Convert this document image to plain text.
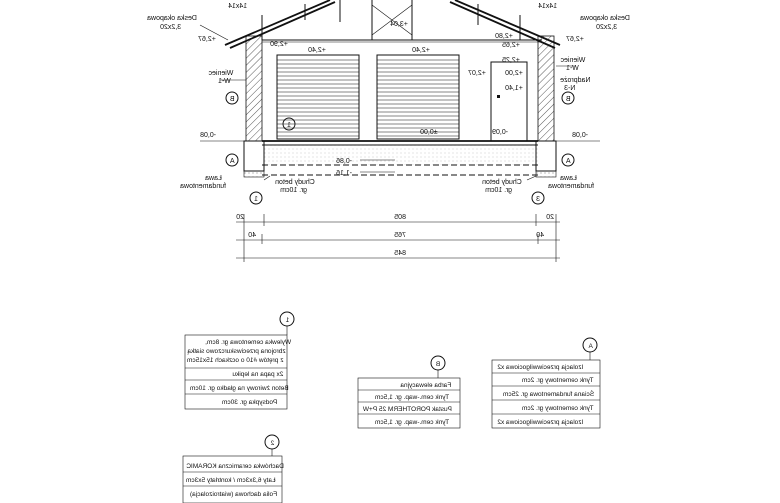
14x14
Deska okapowa
3,2x20
+2,67
Wieniec
W-1
-0,08
Ława
fundamentowa
Chudy beton
gr. 10cm
14x14
Deska okapowa
3,2x20
+2,67
Wieniec
W-1
Nadproże
N-3
-0,08
Ława
fundamentowa
Chudy beton
gr. 10cm
+3,04
+2,90
+2,40	+2,40
+2,80
+2,65
+2,25
+2,07	+2,00
+1,40
±0,00	-0,09
-0,86
-1,16
B
A
1
B
A
1	3
20	805	20
40	765	40
845
1
Wylewka cementowa gr. 8cm,
zbrojona przeciwskurczowo siatką
z prętów #10 o oczkach 15x15cm
2x papa na lepiku
Beton żwirowy na gładko gr. 10cm
Podsypka gr. 30cm
B
Farba elewacyjna
Tynk cem.-wap. gr. 1,5cm
Pustak POROTHERM 25 P+W
Tynk cem.-wap. gr. 1,5cm
A
Izolacja przeciwwilgociowa x2
Tynk cementowy gr. 2cm
Ściana fundamentowa gr. 25cm
Tynk cementowy gr. 2cm
Izolacja przeciwwilgociowa x2
2
Dachówka ceramiczna KORAMIC
Łaty 6,3x3cm / kontrłaty 5x3cm
Folia dachowa (wiatroizolacja)
